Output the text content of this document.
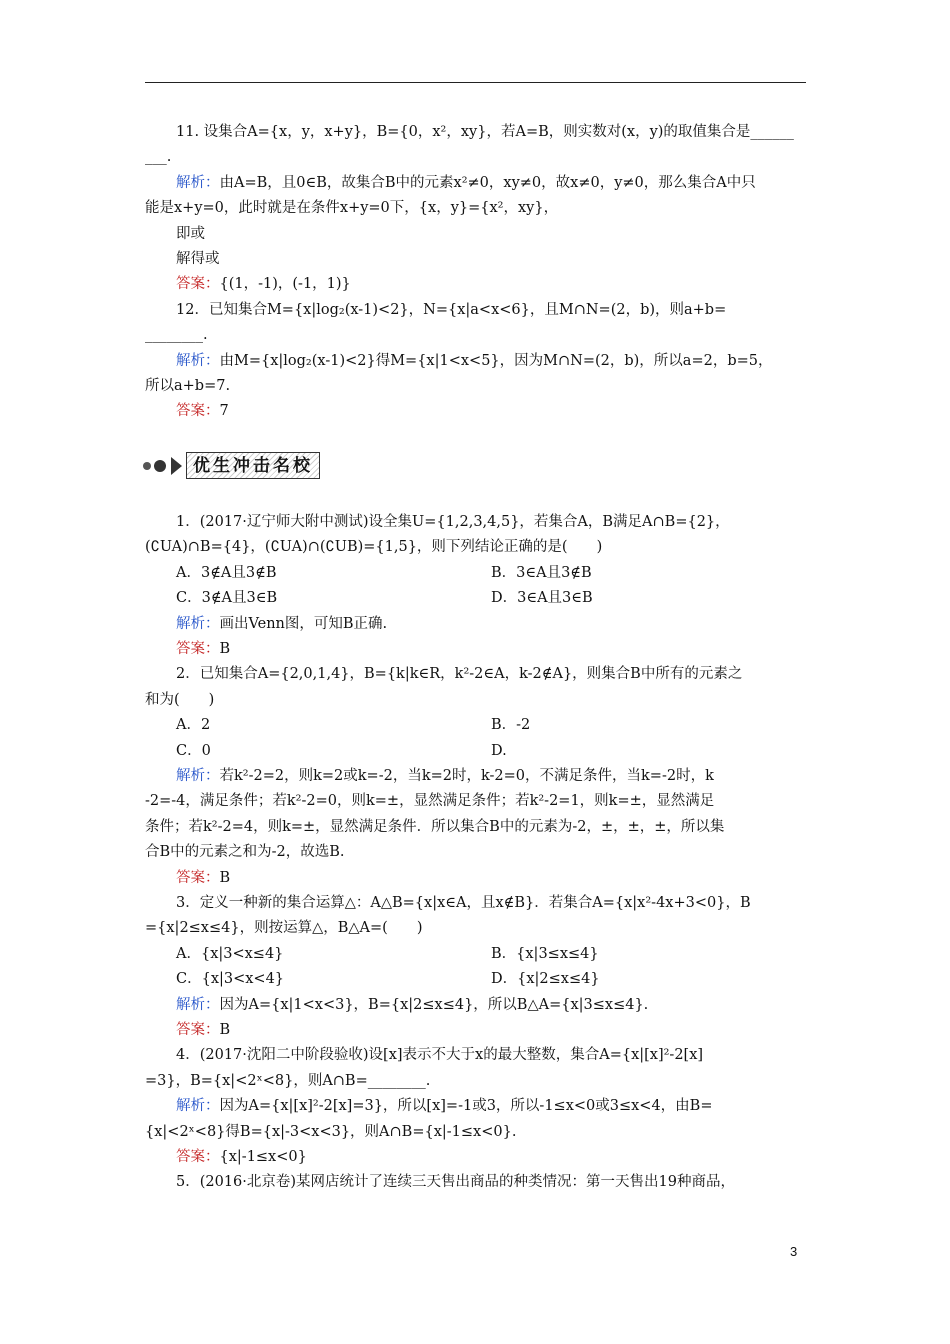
11. 设集合A={x，y，x+y}，B={0，x²，xy}，若A=B，则实数对(x，y)的取值集合是______

___.

解析：由A=B，且0∈B，故集合B中的元素x²≠0，xy≠0，故x≠0，y≠0，那么集合A中只

能是x+y=0，此时就是在条件x+y=0下，{x，y}={x²，xy}，

即或

解得或

答案：{(1，-1)，(-1，1)}

12．已知集合M={x|log₂(x-1)<2}，N={x|a<x<6}，且M∩N=(2，b)，则a+b=

________.

解析：由M={x|log₂(x-1)<2}得M={x|1<x<5}，因为M∩N=(2，b)，所以a=2，b=5，

所以a+b=7.

答案：7

优生冲击名校

1．(2017·辽宁师大附中测试)设全集U={1,2,3,4,5}，若集合A，B满足A∩B={2}，

(∁UA)∩B={4}，(∁UA)∩(∁UB)={1,5}，则下列结论正确的是(　　)

A．3∉A且3∉B	B．3∈A且3∉B
C．3∉A且3∈B	D．3∈A且3∈B

解析：画出Venn图，可知B正确.

答案：B

2．已知集合A={2,0,1,4}，B={k|k∈R，k²-2∈A，k-2∉A}，则集合B中所有的元素之

和为(　　)

A．2	B．-2
C．0	D.

解析：若k²-2=2，则k=2或k=-2，当k=2时，k-2=0，不满足条件，当k=-2时，k

-2=-4，满足条件；若k²-2=0，则k=±，显然满足条件；若k²-2=1，则k=±，显然满足

条件；若k²-2=4，则k=±，显然满足条件．所以集合B中的元素为-2，±，±，±，所以集

合B中的元素之和为-2，故选B.

答案：B

3．定义一种新的集合运算△：A△B={x|x∈A，且x∉B}．若集合A={x|x²-4x+3<0}，B

={x|2≤x≤4}，则按运算△，B△A=(　　)

A．{x|3<x≤4}	B．{x|3≤x≤4}
C．{x|3<x<4}	D．{x|2≤x≤4}

解析：因为A={x|1<x<3}，B={x|2≤x≤4}，所以B△A={x|3≤x≤4}.

答案：B

4．(2017·沈阳二中阶段验收)设[x]表示不大于x的最大整数，集合A={x|[x]²-2[x]

=3}，B={x|<2ˣ<8}，则A∩B=________.

解析：因为A={x|[x]²-2[x]=3}，所以[x]=-1或3，所以-1≤x<0或3≤x<4，由B=

{x|<2ˣ<8}得B={x|-3<x<3}，则A∩B={x|-1≤x<0}.

答案：{x|-1≤x<0}

5．(2016·北京卷)某网店统计了连续三天售出商品的种类情况：第一天售出19种商品，

3
